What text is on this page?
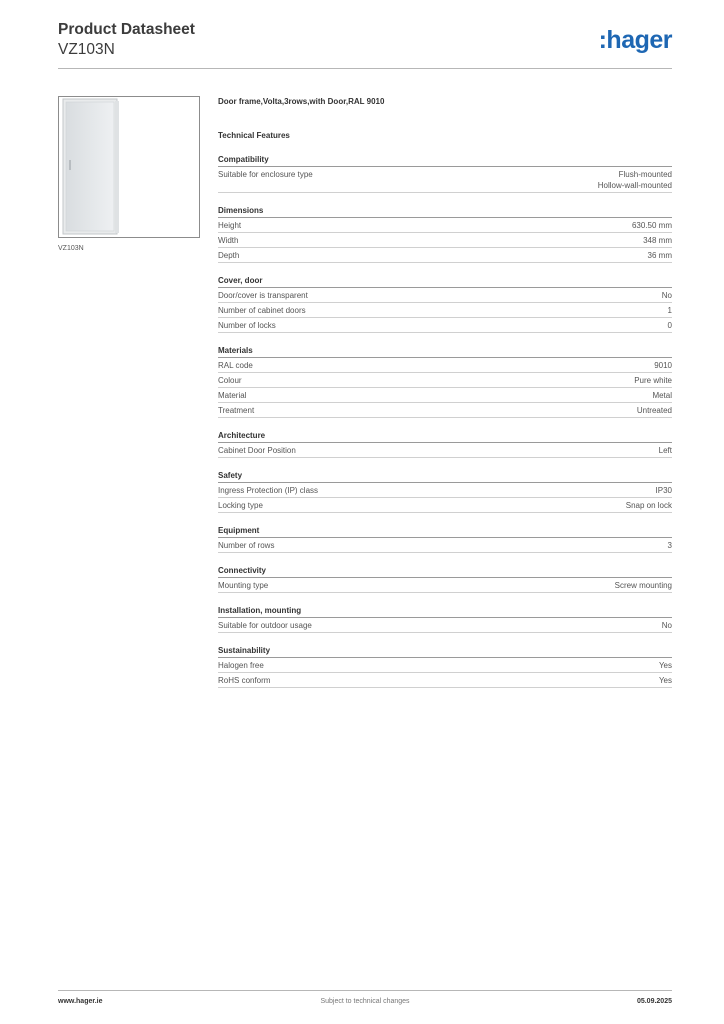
Product Datasheet
VZ103N	:hager
VZ103N
Door frame,Volta,3rows,with Door,RAL 9010
Technical Features
Compatibility
Suitable for enclosure type	Flush-mounted
Hollow-wall-mounted
Dimensions
Height	630.50 mm
Width	348 mm
Depth	36 mm
Cover, door
Door/cover is transparent	No
Number of cabinet doors	1
Number of locks	0
Materials
RAL code	9010
Colour	Pure white
Material	Metal
Treatment	Untreated
Architecture
Cabinet Door Position	Left
Safety
Ingress Protection (IP) class	IP30
Locking type	Snap on lock
Equipment
Number of rows	3
Connectivity
Mounting type	Screw mounting
Installation, mounting
Suitable for outdoor usage	No
Sustainability
Halogen free	Yes
RoHS conform	Yes
www.hager.ie	Subject to technical changes	05.09.2025
